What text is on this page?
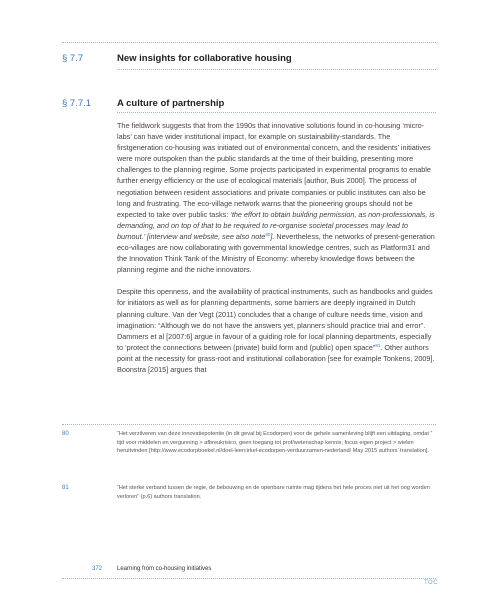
§ 7.7	New insights for collaborative housing
§ 7.7.1	A culture of partnership

The fieldwork suggests that from the 1990s that innovative solutions found in co-housing ‘micro-labs’ can have wider institutional impact, for example on sustainability-standards. The firstgeneration co-housing was initiated out of environmental concern, and the residents’ initiatives were more outspoken than the public standards at the time of their building, presenting more challenges to the planning regime. Some projects participated in experimental programs to enable further energy efficiency or the use of ecological materials [author, Buis 2000]. The process of negotiation between resident associations and private companies or public institutes can also be long and frustrating. The eco-village network warns that the pioneering groups should not be expected to take over public tasks: ‘the effort to obtain building permission, as non-professionals, is demanding, and on top of that to be required to re-organise societal processes may lead to burnout.’ [interview and website, see also note$^{80}$]. Nevertheless, the networks of present-generation eco-villages are now collaborating with governmental knowledge centres, such as Platform31 and the Innovation Think Tank of the Ministry of Economy: whereby knowledge flows between the planning regime and the niche innovators.

Despite this openness, and the availability of practical instruments, such as handbooks and guides for initiators as well as for planning departments, some barriers are deeply ingrained in Dutch planning culture. Van der Vegt (2011) concludes that a change of culture needs time, vision and imagination: “Although we do not have the answers yet, planners should practice trial and error”. Dammers et al [2007:6] argue in favour of a guiding role for local planning departments, especially to ‘protect the connections between (private) build form and (public) open space”$^{81}$. Other authors point at the necessity for grass-root and institutional collaboration [see for example Tonkens, 2009]. Boonstra [2015] argues that

80	“Het verzilveren van deze innovatiepotentie (in dit geval bij Ecodorpen) voor de gehele samenleving blijft een uitdaging, omdat “ tijd voor middelen en vergunning > afbreukrisico, geen toegang tot prof/wetenschap kennis; focus eigen project > wielen heruitvinden [http://www.ecodorpboekel.nl/doel-leercirkel-ecodorpen-verduurzamen-nederland/ May 2015 authors’ translation].
81	“Het sterke verband tussen de regie, de bebouwing en de openbare ruimte mag tijdens het hele proces niet uit het oog worden verloren” (p.6) authors translation.
372 Learning from co-housing initiatives
TOC
